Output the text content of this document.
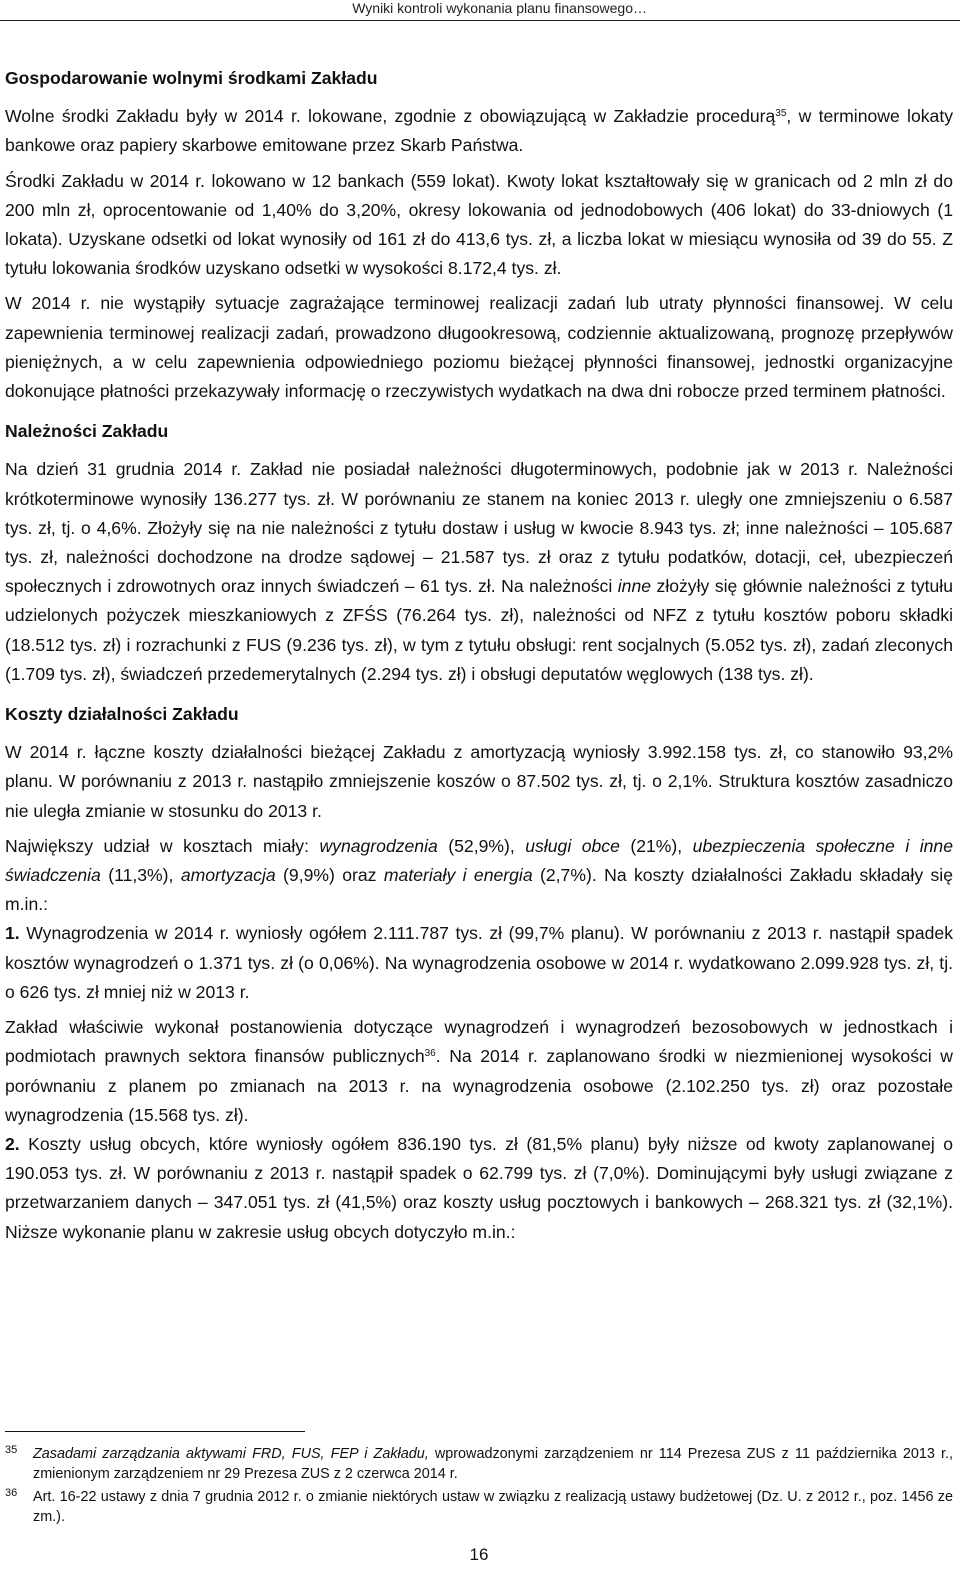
Wyniki kontroli wykonania planu finansowego…
Gospodarowanie wolnymi środkami Zakładu

Wolne środki Zakładu były w 2014 r. lokowane, zgodnie z obowiązującą w Zakładzie procedurą$^{35}$, w terminowe lokaty bankowe oraz papiery skarbowe emitowane przez Skarb Państwa.

Środki Zakładu w 2014 r. lokowano w 12 bankach (559 lokat). Kwoty lokat kształtowały się w granicach od 2 mln zł do 200 mln zł, oprocentowanie od 1,40% do 3,20%, okresy lokowania od jednodobowych (406 lokat) do 33-dniowych (1 lokata). Uzyskane odsetki od lokat wynosiły od 161 zł do 413,6 tys. zł, a liczba lokat w miesiącu wynosiła od 39 do 55. Z tytułu lokowania środków uzyskano odsetki w wysokości 8.172,4 tys. zł.

W 2014 r. nie wystąpiły sytuacje zagrażające terminowej realizacji zadań lub utraty płynności finansowej. W celu zapewnienia terminowej realizacji zadań, prowadzono długookresową, codziennie aktualizowaną, prognozę przepływów pieniężnych, a w celu zapewnienia odpowiedniego poziomu bieżącej płynności finansowej, jednostki organizacyjne dokonujące płatności przekazywały informację o rzeczywistych wydatkach na dwa dni robocze przed terminem płatności.

Należności Zakładu

Na dzień 31 grudnia 2014 r. Zakład nie posiadał należności długoterminowych, podobnie jak w 2013 r. Należności krótkoterminowe wynosiły 136.277 tys. zł. W porównaniu ze stanem na koniec 2013 r. uległy one zmniejszeniu o 6.587 tys. zł, tj. o 4,6%. Złożyły się na nie należności z tytułu dostaw i usług w kwocie 8.943 tys. zł; inne należności – 105.687 tys. zł, należności dochodzone na drodze sądowej – 21.587 tys. zł oraz z tytułu podatków, dotacji, ceł, ubezpieczeń społecznych i zdrowotnych oraz innych świadczeń – 61 tys. zł. Na należności inne złożyły się głównie należności z tytułu udzielonych pożyczek mieszkaniowych z ZFŚS (76.264 tys. zł), należności od NFZ z tytułu kosztów poboru składki (18.512 tys. zł) i rozrachunki z FUS (9.236 tys. zł), w tym z tytułu obsługi: rent socjalnych (5.052 tys. zł), zadań zleconych (1.709 tys. zł), świadczeń przedemerytalnych (2.294 tys. zł) i obsługi deputatów węglowych (138 tys. zł).

Koszty działalności Zakładu

W 2014 r. łączne koszty działalności bieżącej Zakładu z amortyzacją wyniosły 3.992.158 tys. zł, co stanowiło 93,2% planu. W porównaniu z 2013 r. nastąpiło zmniejszenie koszów o 87.502 tys. zł, tj. o 2,1%. Struktura kosztów zasadniczo nie uległa zmianie w stosunku do 2013 r.

Największy udział w kosztach miały: wynagrodzenia (52,9%), usługi obce (21%), ubezpieczenia społeczne i inne świadczenia (11,3%), amortyzacja (9,9%) oraz materiały i energia (2,7%). Na koszty działalności Zakładu składały się m.in.:

1. Wynagrodzenia w 2014 r. wyniosły ogółem 2.111.787 tys. zł (99,7% planu). W porównaniu z 2013 r. nastąpił spadek kosztów wynagrodzeń o 1.371 tys. zł (o 0,06%). Na wynagrodzenia osobowe w 2014 r. wydatkowano 2.099.928 tys. zł, tj. o 626 tys. zł mniej niż w 2013 r.

Zakład właściwie wykonał postanowienia dotyczące wynagrodzeń i wynagrodzeń bezosobowych w jednostkach i podmiotach prawnych sektora finansów publicznych$^{36}$. Na 2014 r. zaplanowano środki w niezmienionej wysokości w porównaniu z planem po zmianach na 2013 r. na wynagrodzenia osobowe (2.102.250 tys. zł) oraz pozostałe wynagrodzenia (15.568 tys. zł).

2. Koszty usług obcych, które wyniosły ogółem 836.190 tys. zł (81,5% planu) były niższe od kwoty zaplanowanej o 190.053 tys. zł. W porównaniu z 2013 r. nastąpił spadek o 62.799 tys. zł (7,0%). Dominującymi były usługi związane z przetwarzaniem danych – 347.051 tys. zł (41,5%) oraz koszty usług pocztowych i bankowych – 268.321 tys. zł (32,1%). Niższe wykonanie planu w zakresie usług obcych dotyczyło m.in.:

35 Zasadami zarządzania aktywami FRD, FUS, FEP i Zakładu, wprowadzonymi zarządzeniem nr 114 Prezesa ZUS z 11 października 2013 r., zmienionym zarządzeniem nr 29 Prezesa ZUS z 2 czerwca 2014 r.
36 Art. 16-22 ustawy z dnia 7 grudnia 2012 r. o zmianie niektórych ustaw w związku z realizacją ustawy budżetowej (Dz. U. z 2012 r., poz. 1456 ze zm.).
16
